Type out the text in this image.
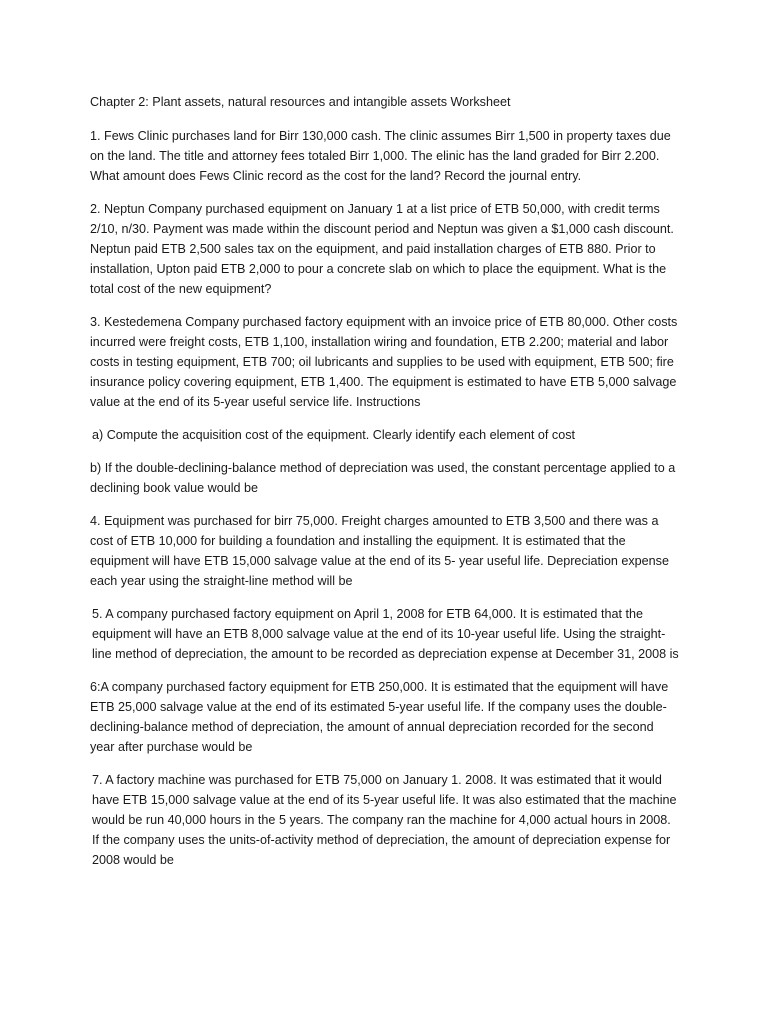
Chapter 2: Plant assets, natural resources and intangible assets Worksheet

1. Fews Clinic purchases land for Birr 130,000 cash. The clinic assumes Birr 1,500 in property taxes due on the land. The title and attorney fees totaled Birr 1,000. The elinic has the land graded for Birr 2.200. What amount does Fews Clinic record as the cost for the land? Record the journal entry.

2. Neptun Company purchased equipment on January 1 at a list price of ETB 50,000, with credit terms 2/10, n/30. Payment was made within the discount period and Neptun was given a $1,000 cash discount. Neptun paid ETB 2,500 sales tax on the equipment, and paid installation charges of ETB 880. Prior to installation, Upton paid ETB 2,000 to pour a concrete slab on which to place the equipment. What is the total cost of the new equipment?

3. Kestedemena Company purchased factory equipment with an invoice price of ETB 80,000. Other costs incurred were freight costs, ETB 1,100, installation wiring and foundation, ETB 2.200; material and labor costs in testing equipment, ETB 700; oil lubricants and supplies to be used with equipment, ETB 500; fire insurance policy covering equipment, ETB 1,400. The equipment is estimated to have ETB 5,000 salvage value at the end of its 5-year useful service life. Instructions

a) Compute the acquisition cost of the equipment. Clearly identify each element of cost

b) If the double-declining-balance method of depreciation was used, the constant percentage applied to a declining book value would be

4. Equipment was purchased for birr 75,000. Freight charges amounted to ETB 3,500 and there was a cost of ETB 10,000 for building a foundation and installing the equipment. It is estimated that the equipment will have ETB 15,000 salvage value at the end of its 5- year useful life. Depreciation expense each year using the straight-line method will be

5. A company purchased factory equipment on April 1, 2008 for ETB 64,000. It is estimated that the equipment will have an ETB 8,000 salvage value at the end of its 10-year useful life. Using the straight-line method of depreciation, the amount to be recorded as depreciation expense at December 31, 2008 is

6:A company purchased factory equipment for ETB 250,000. It is estimated that the equipment will have ETB 25,000 salvage value at the end of its estimated 5-year useful life. If the company uses the double-declining-balance method of depreciation, the amount of annual depreciation recorded for the second year after purchase would be

7. A factory machine was purchased for ETB 75,000 on January 1. 2008. It was estimated that it would have ETB 15,000 salvage value at the end of its 5-year useful life. It was also estimated that the machine would be run 40,000 hours in the 5 years. The company ran the machine for 4,000 actual hours in 2008. If the company uses the units-of-activity method of depreciation, the amount of depreciation expense for 2008 would be
